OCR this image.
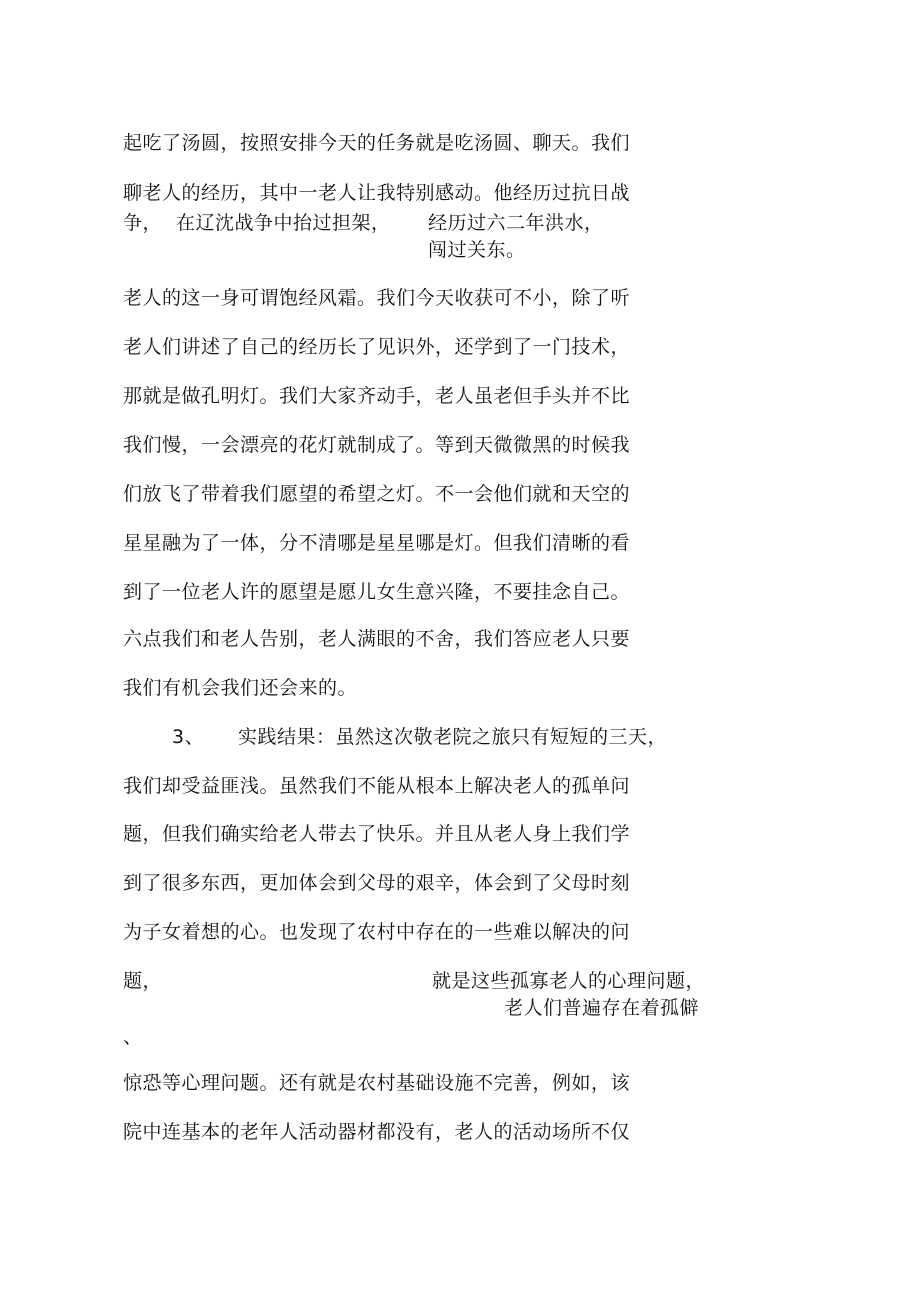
起吃了汤圆，按照安排今天的任务就是吃汤圆、聊天。我们
聊老人的经历，其中一老人让我特别感动。他经历过抗日战
争， 在辽沈战争中抬过担架， 经历过六二年洪水，
闯过关东。
老人的这一身可谓饱经风霜。我们今天收获可不小，除了听
老人们讲述了自己的经历长了见识外，还学到了一门技术，
那就是做孔明灯。我们大家齐动手，老人虽老但手头并不比
我们慢，一会漂亮的花灯就制成了。等到天微微黑的时候我
们放飞了带着我们愿望的希望之灯。不一会他们就和天空的
星星融为了一体，分不清哪是星星哪是灯。但我们清晰的看
到了一位老人许的愿望是愿儿女生意兴隆，不要挂念自己。
六点我们和老人告别，老人满眼的不舍，我们答应老人只要
我们有机会我们还会来的。
3、 实践结果：虽然这次敬老院之旅只有短短的三天，
我们却受益匪浅。虽然我们不能从根本上解决老人的孤单问
题，但我们确实给老人带去了快乐。并且从老人身上我们学
到了很多东西，更加体会到父母的艰辛，体会到了父母时刻
为子女着想的心。也发现了农村中存在的一些难以解决的问
题，	就是这些孤寡老人的心理问题，
老人们普遍存在着孤僻
、
惊恐等心理问题。还有就是农村基础设施不完善，例如，该
院中连基本的老年人活动器材都没有，老人的活动场所不仅
